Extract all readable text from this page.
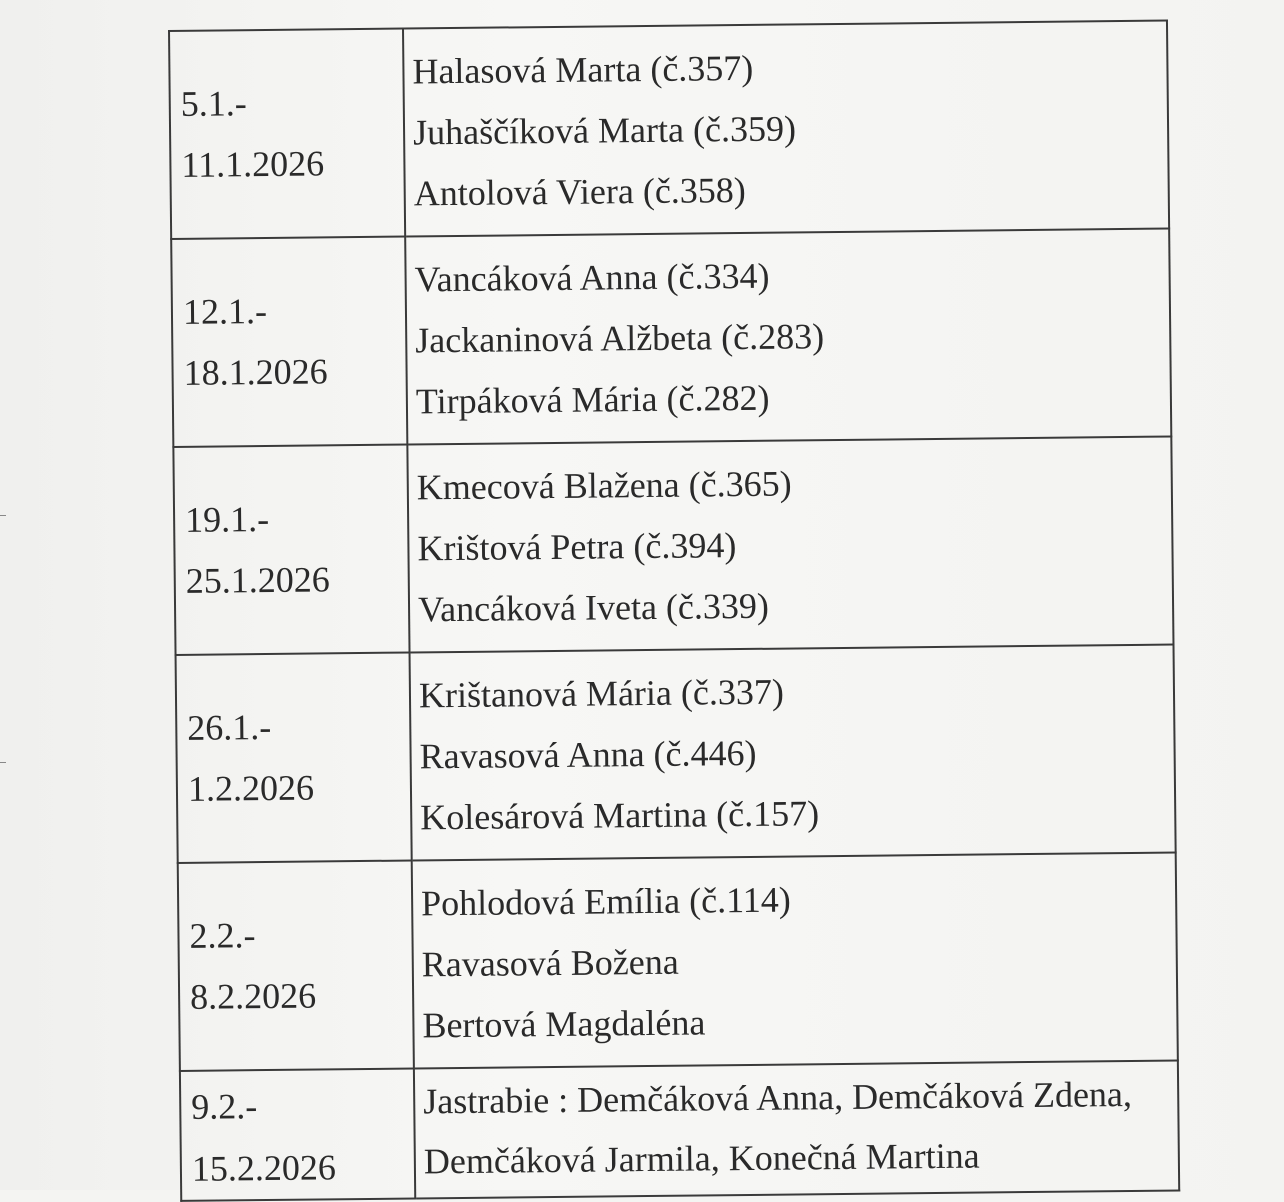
5.1.-
11.1.2026	Halasová Marta (č.357)
Juhaščíková Marta (č.359)
Antolová Viera (č.358)

12.1.-
18.1.2026	Vancáková Anna (č.334)
Jackaninová Alžbeta (č.283)
Tirpáková Mária (č.282)

19.1.-
25.1.2026	Kmecová Blažena (č.365)
Krištová Petra (č.394)
Vancáková Iveta (č.339)

26.1.-
1.2.2026	Krištanová Mária (č.337)
Ravasová Anna (č.446)
Kolesárová Martina (č.157)

2.2.-
8.2.2026	Pohlodová Emília (č.114)
Ravasová Božena
Bertová Magdaléna

9.2.-
15.2.2026	Jastrabie : Demčáková Anna, Demčáková Zdena,
Demčáková Jarmila, Konečná Martina
